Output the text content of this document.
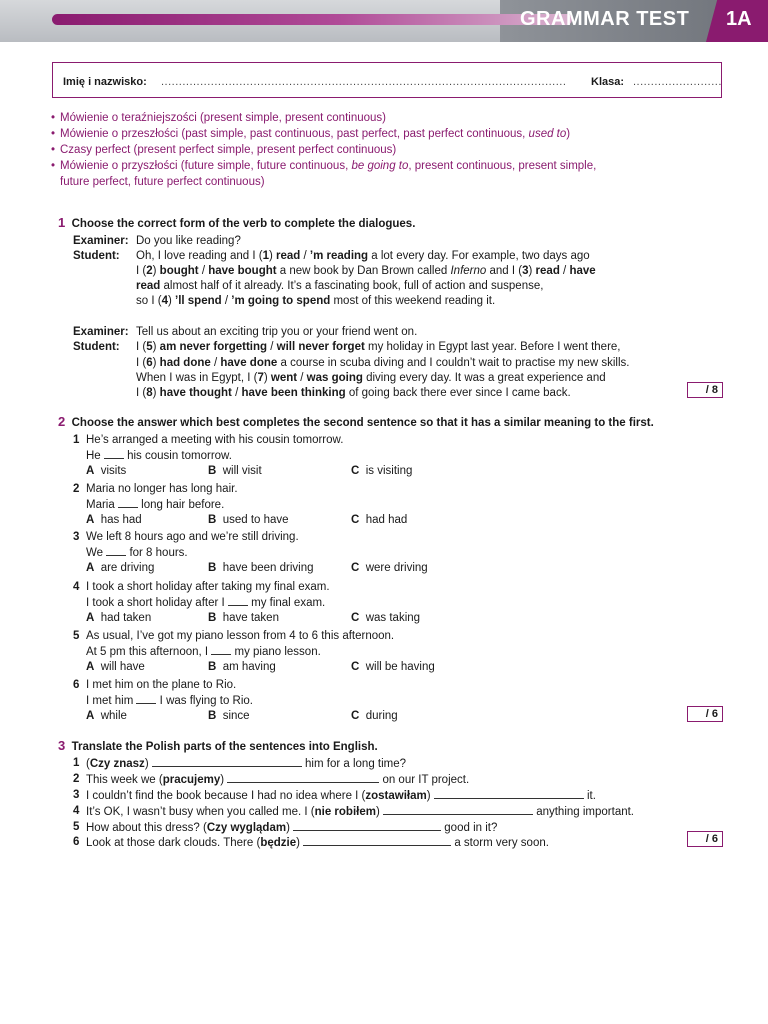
GRAMMAR TEST 1A
Imię i nazwisko: .................................................................................................................. Klasa: .........................
• Mówienie o teraźniejszości (present simple, present continuous)
• Mówienie o przeszłości (past simple, past continuous, past perfect, past perfect continuous, used to)
• Czasy perfect (present perfect simple, present perfect continuous)
• Mówienie o przyszłości (future simple, future continuous, be going to, present continuous, present simple,
future perfect, future perfect continuous)
1 Choose the correct form of the verb to complete the dialogues.
Examiner: Do you like reading?
Student: Oh, I love reading and I (1) read / ’m reading a lot every day. For example, two days ago
I (2) bought / have bought a new book by Dan Brown called Inferno and I (3) read / have
read almost half of it already. It’s a fascinating book, full of action and suspense,
so I (4) ’ll spend / ’m going to spend most of this weekend reading it.
Examiner: Tell us about an exciting trip you or your friend went on.
Student: I (5) am never forgetting / will never forget my holiday in Egypt last year. Before I went there,
I (6) had done / have done a course in scuba diving and I couldn’t wait to practise my new skills.
When I was in Egypt, I (7) went / was going diving every day. It was a great experience and
I (8) have thought / have been thinking of going back there ever since I came back.	/ 8
2 Choose the answer which best completes the second sentence so that it has a similar meaning to the first.
1 He’s arranged a meeting with his cousin tomorrow.
He  his cousin tomorrow.
A visits	B will visit	C is visiting
2 Maria no longer has long hair.
Maria  long hair before.
A has had	B used to have	C had had
3 We left 8 hours ago and we’re still driving.
We  for 8 hours.
A are driving	B have been driving	C were driving
4 I took a short holiday after taking my final exam.
I took a short holiday after I  my final exam.
A had taken	B have taken	C was taking
5 As usual, I’ve got my piano lesson from 4 to 6 this afternoon.
At 5 pm this afternoon, I  my piano lesson.
A will have	B am having	C will be having
6 I met him on the plane to Rio.
I met him  I was flying to Rio.
A while	B since	C during	/ 6
3 Translate the Polish parts of the sentences into English.
1 (Czy znasz)	him for a long time?
2 This week we (pracujemy)	on our IT project.
3 I couldn’t find the book because I had no idea where I (zostawiłam)	it.
4 It’s OK, I wasn’t busy when you called me. I (nie robiłem)	anything important.
5 How about this dress? (Czy wyglądam)	good in it?
6 Look at those dark clouds. There (będzie)	a storm very soon.	/ 6
